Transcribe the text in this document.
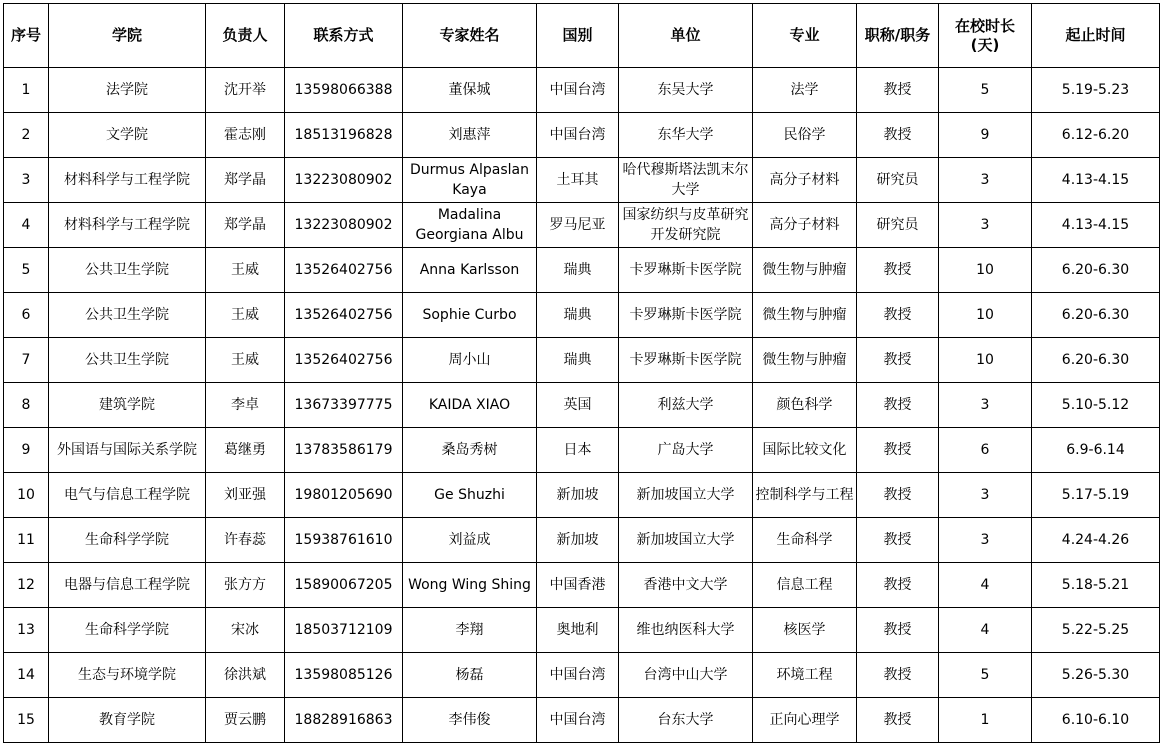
序号	学院	负责人	联系方式	专家姓名	国别	单位	专业	职称/职务	在校时长(天)	起止时间
1	法学院	沈开举	13598066388	董保城	中国台湾	东吴大学	法学	教授	5	5.19-5.23
2	文学院	霍志刚	18513196828	刘惠萍	中国台湾	东华大学	民俗学	教授	9	6.12-6.20
3	材料科学与工程学院	郑学晶	13223080902	Durmus Alpaslan Kaya	土耳其	哈代穆斯塔法凯末尔大学	高分子材料	研究员	3	4.13-4.15
4	材料科学与工程学院	郑学晶	13223080902	Madalina Georgiana Albu	罗马尼亚	国家纺织与皮革研究开发研究院	高分子材料	研究员	3	4.13-4.15
5	公共卫生学院	王威	13526402756	Anna Karlsson	瑞典	卡罗琳斯卡医学院	微生物与肿瘤	教授	10	6.20-6.30
6	公共卫生学院	王威	13526402756	Sophie Curbo	瑞典	卡罗琳斯卡医学院	微生物与肿瘤	教授	10	6.20-6.30
7	公共卫生学院	王威	13526402756	周小山	瑞典	卡罗琳斯卡医学院	微生物与肿瘤	教授	10	6.20-6.30
8	建筑学院	李卓	13673397775	KAIDA XIAO	英国	利兹大学	颜色科学	教授	3	5.10-5.12
9	外国语与国际关系学院	葛继勇	13783586179	桑岛秀树	日本	广岛大学	国际比较文化	教授	6	6.9-6.14
10	电气与信息工程学院	刘亚强	19801205690	Ge Shuzhi	新加坡	新加坡国立大学	控制科学与工程	教授	3	5.17-5.19
11	生命科学学院	许春蕊	15938761610	刘益成	新加坡	新加坡国立大学	生命科学	教授	3	4.24-4.26
12	电器与信息工程学院	张方方	15890067205	Wong Wing Shing	中国香港	香港中文大学	信息工程	教授	4	5.18-5.21
13	生命科学学院	宋冰	18503712109	李翔	奥地利	维也纳医科大学	核医学	教授	4	5.22-5.25
14	生态与环境学院	徐洪斌	13598085126	杨磊	中国台湾	台湾中山大学	环境工程	教授	5	5.26-5.30
15	教育学院	贾云鹏	18828916863	李伟俊	中国台湾	台东大学	正向心理学	教授	1	6.10-6.10
